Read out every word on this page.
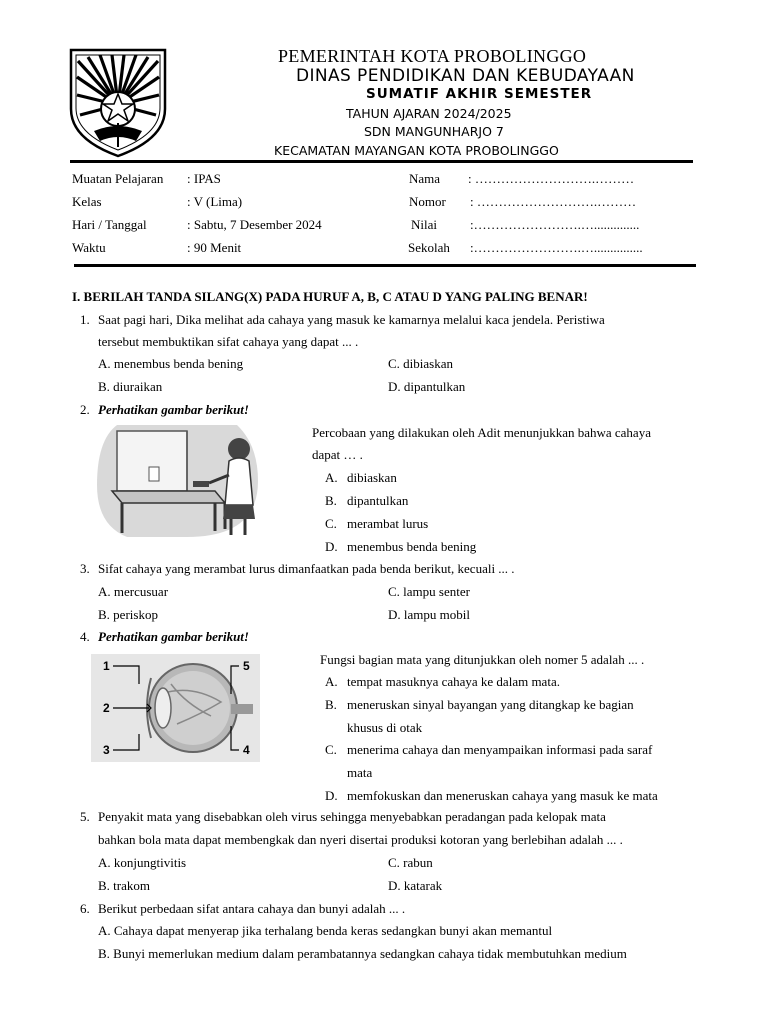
PEMERINTAH KOTA PROBOLINGGO
DINAS PENDIDIKAN DAN KEBUDAYAAN
SUMATIF AKHIR SEMESTER
TAHUN AJARAN 2024/2025
SDN MANGUNHARJO 7
KECAMATAN MAYANGAN KOTA PROBOLINGGO
Muatan Pelajaran : IPAS
Kelas	: V (Lima)
Hari / Tanggal	: Sabtu, 7 Desember 2024
Waktu	: 90 Menit
Nama : ……………………….………
Nomor : ……………………….………
Nilai	:…………………….…..............
Sekolah :…………………….…...............
I. BERILAH TANDA SILANG(X) PADA HURUF A, B, C ATAU D YANG PALING BENAR!
1. Saat pagi hari, Dika melihat ada cahaya yang masuk ke kamarnya melalui kaca jendela. Peristiwa
tersebut membuktikan sifat cahaya yang dapat ... .
A. menembus benda bening	C. dibiaskan
B. diuraikan	D. dipantulkan
2. Perhatikan gambar berikut!
Percobaan yang dilakukan oleh Adit menunjukkan bahwa cahaya
dapat … .
A. dibiaskan
B. dipantulkan
C. merambat lurus
D. menembus benda bening
3. Sifat cahaya yang merambat lurus dimanfaatkan pada benda berikut, kecuali ... .
A. mercusuar	C. lampu senter
B. periskop	D. lampu mobil
4. Perhatikan gambar berikut!
1
2
3	4
5	Fungsi bagian mata yang ditunjukkan oleh nomer 5 adalah ... .
A. tempat masuknya cahaya ke dalam mata.
B. meneruskan sinyal bayangan yang ditangkap ke bagian
khusus di otak
C. menerima cahaya dan menyampaikan informasi pada saraf
mata
D. memfokuskan dan meneruskan cahaya yang masuk ke mata
5. Penyakit mata yang disebabkan oleh virus sehingga menyebabkan peradangan pada kelopak mata
bahkan bola mata dapat membengkak dan nyeri disertai produksi kotoran yang berlebihan adalah ... .
A. konjungtivitis	C. rabun
B. trakom	D. katarak
6. Berikut perbedaan sifat antara cahaya dan bunyi adalah ... .
A. Cahaya dapat menyerap jika terhalang benda keras sedangkan bunyi akan memantul
B. Bunyi memerlukan medium dalam perambatannya sedangkan cahaya tidak membutuhkan medium
